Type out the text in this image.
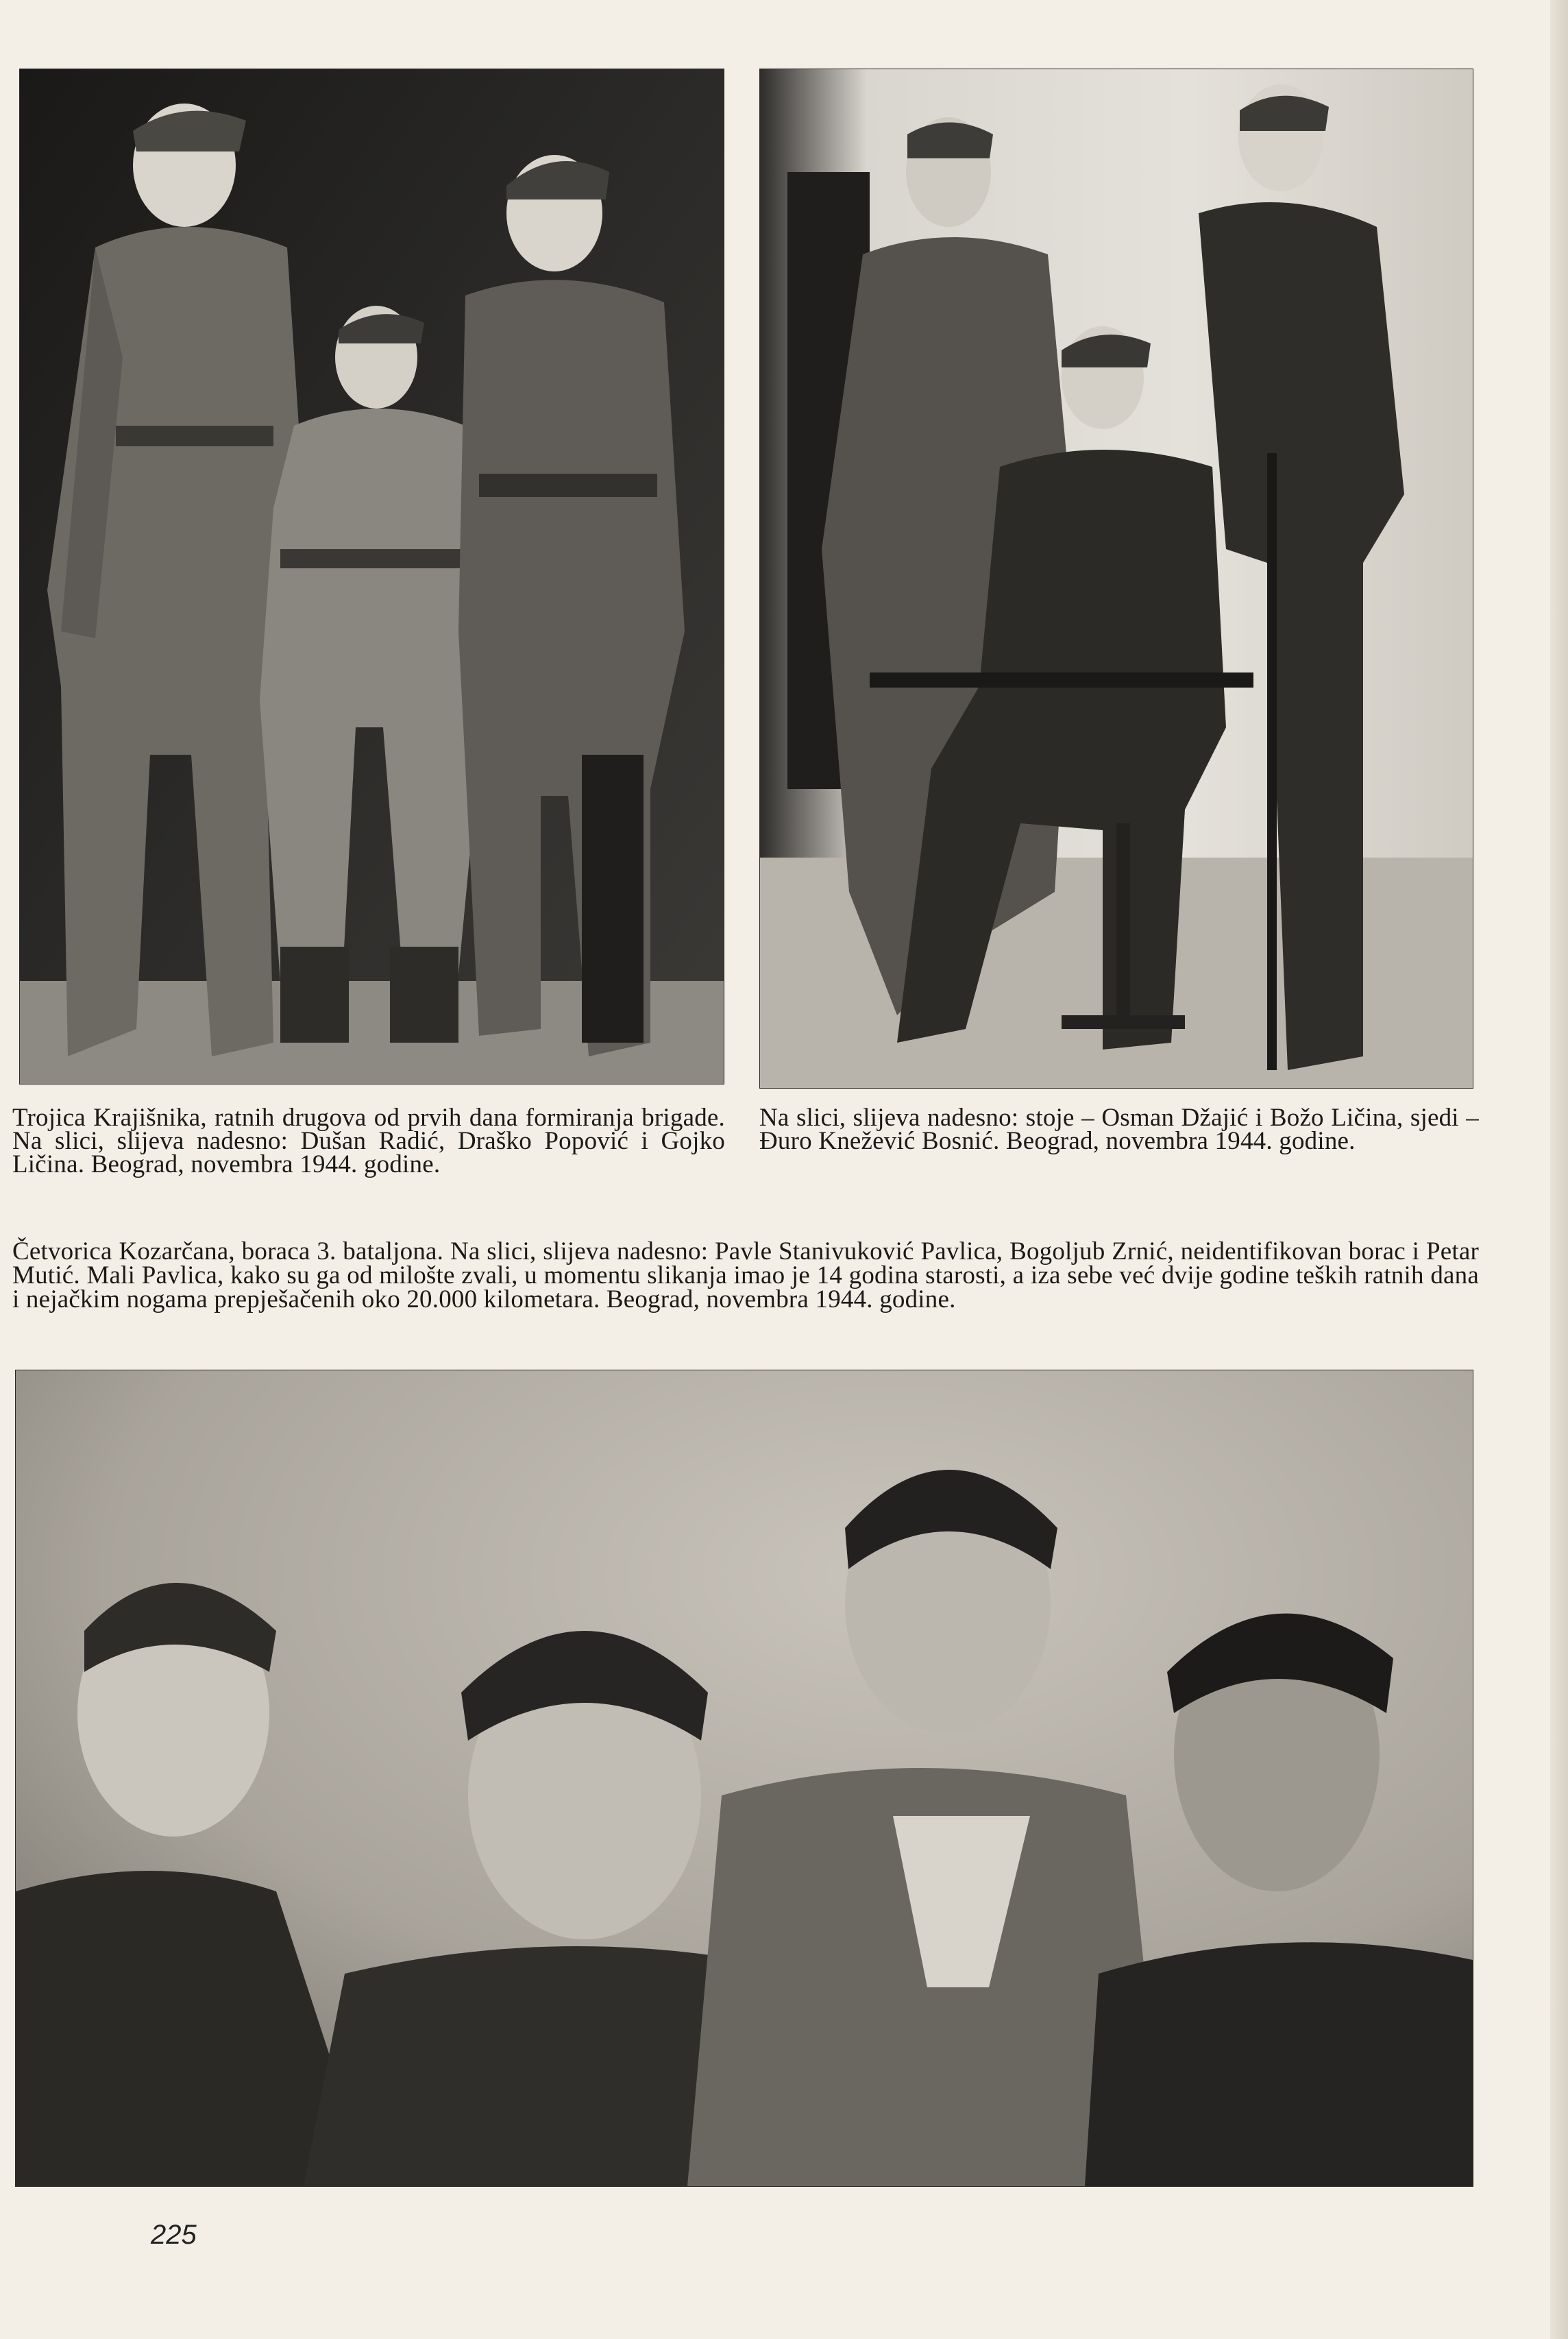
Trojica Krajišnika, ratnih drugova od prvih dana formiranja brigade. Na slici, slijeva nadesno: Dušan Radić, Draško Popović i Gojko Ličina. Beograd, novembra 1944. godine.

Na slici, slijeva nadesno: stoje – Osman Džajić i Božo Ličina, sjedi – Đuro Knežević Bosnić. Beograd, novembra 1944. godine.

Četvorica Kozarčana, boraca 3. bataljona. Na slici, slijeva nadesno: Pavle Stanivuković Pavlica, Bogoljub Zrnić, neidentifikovan borac i Petar Mutić. Mali Pavlica, kako su ga od milošte zvali, u momentu slikanja imao je 14 godina starosti, a iza sebe već dvije godine teških ratnih dana i nejačkim nogama prepješačenih oko 20.000 kilometara. Beograd, novembra 1944. godine.

225
